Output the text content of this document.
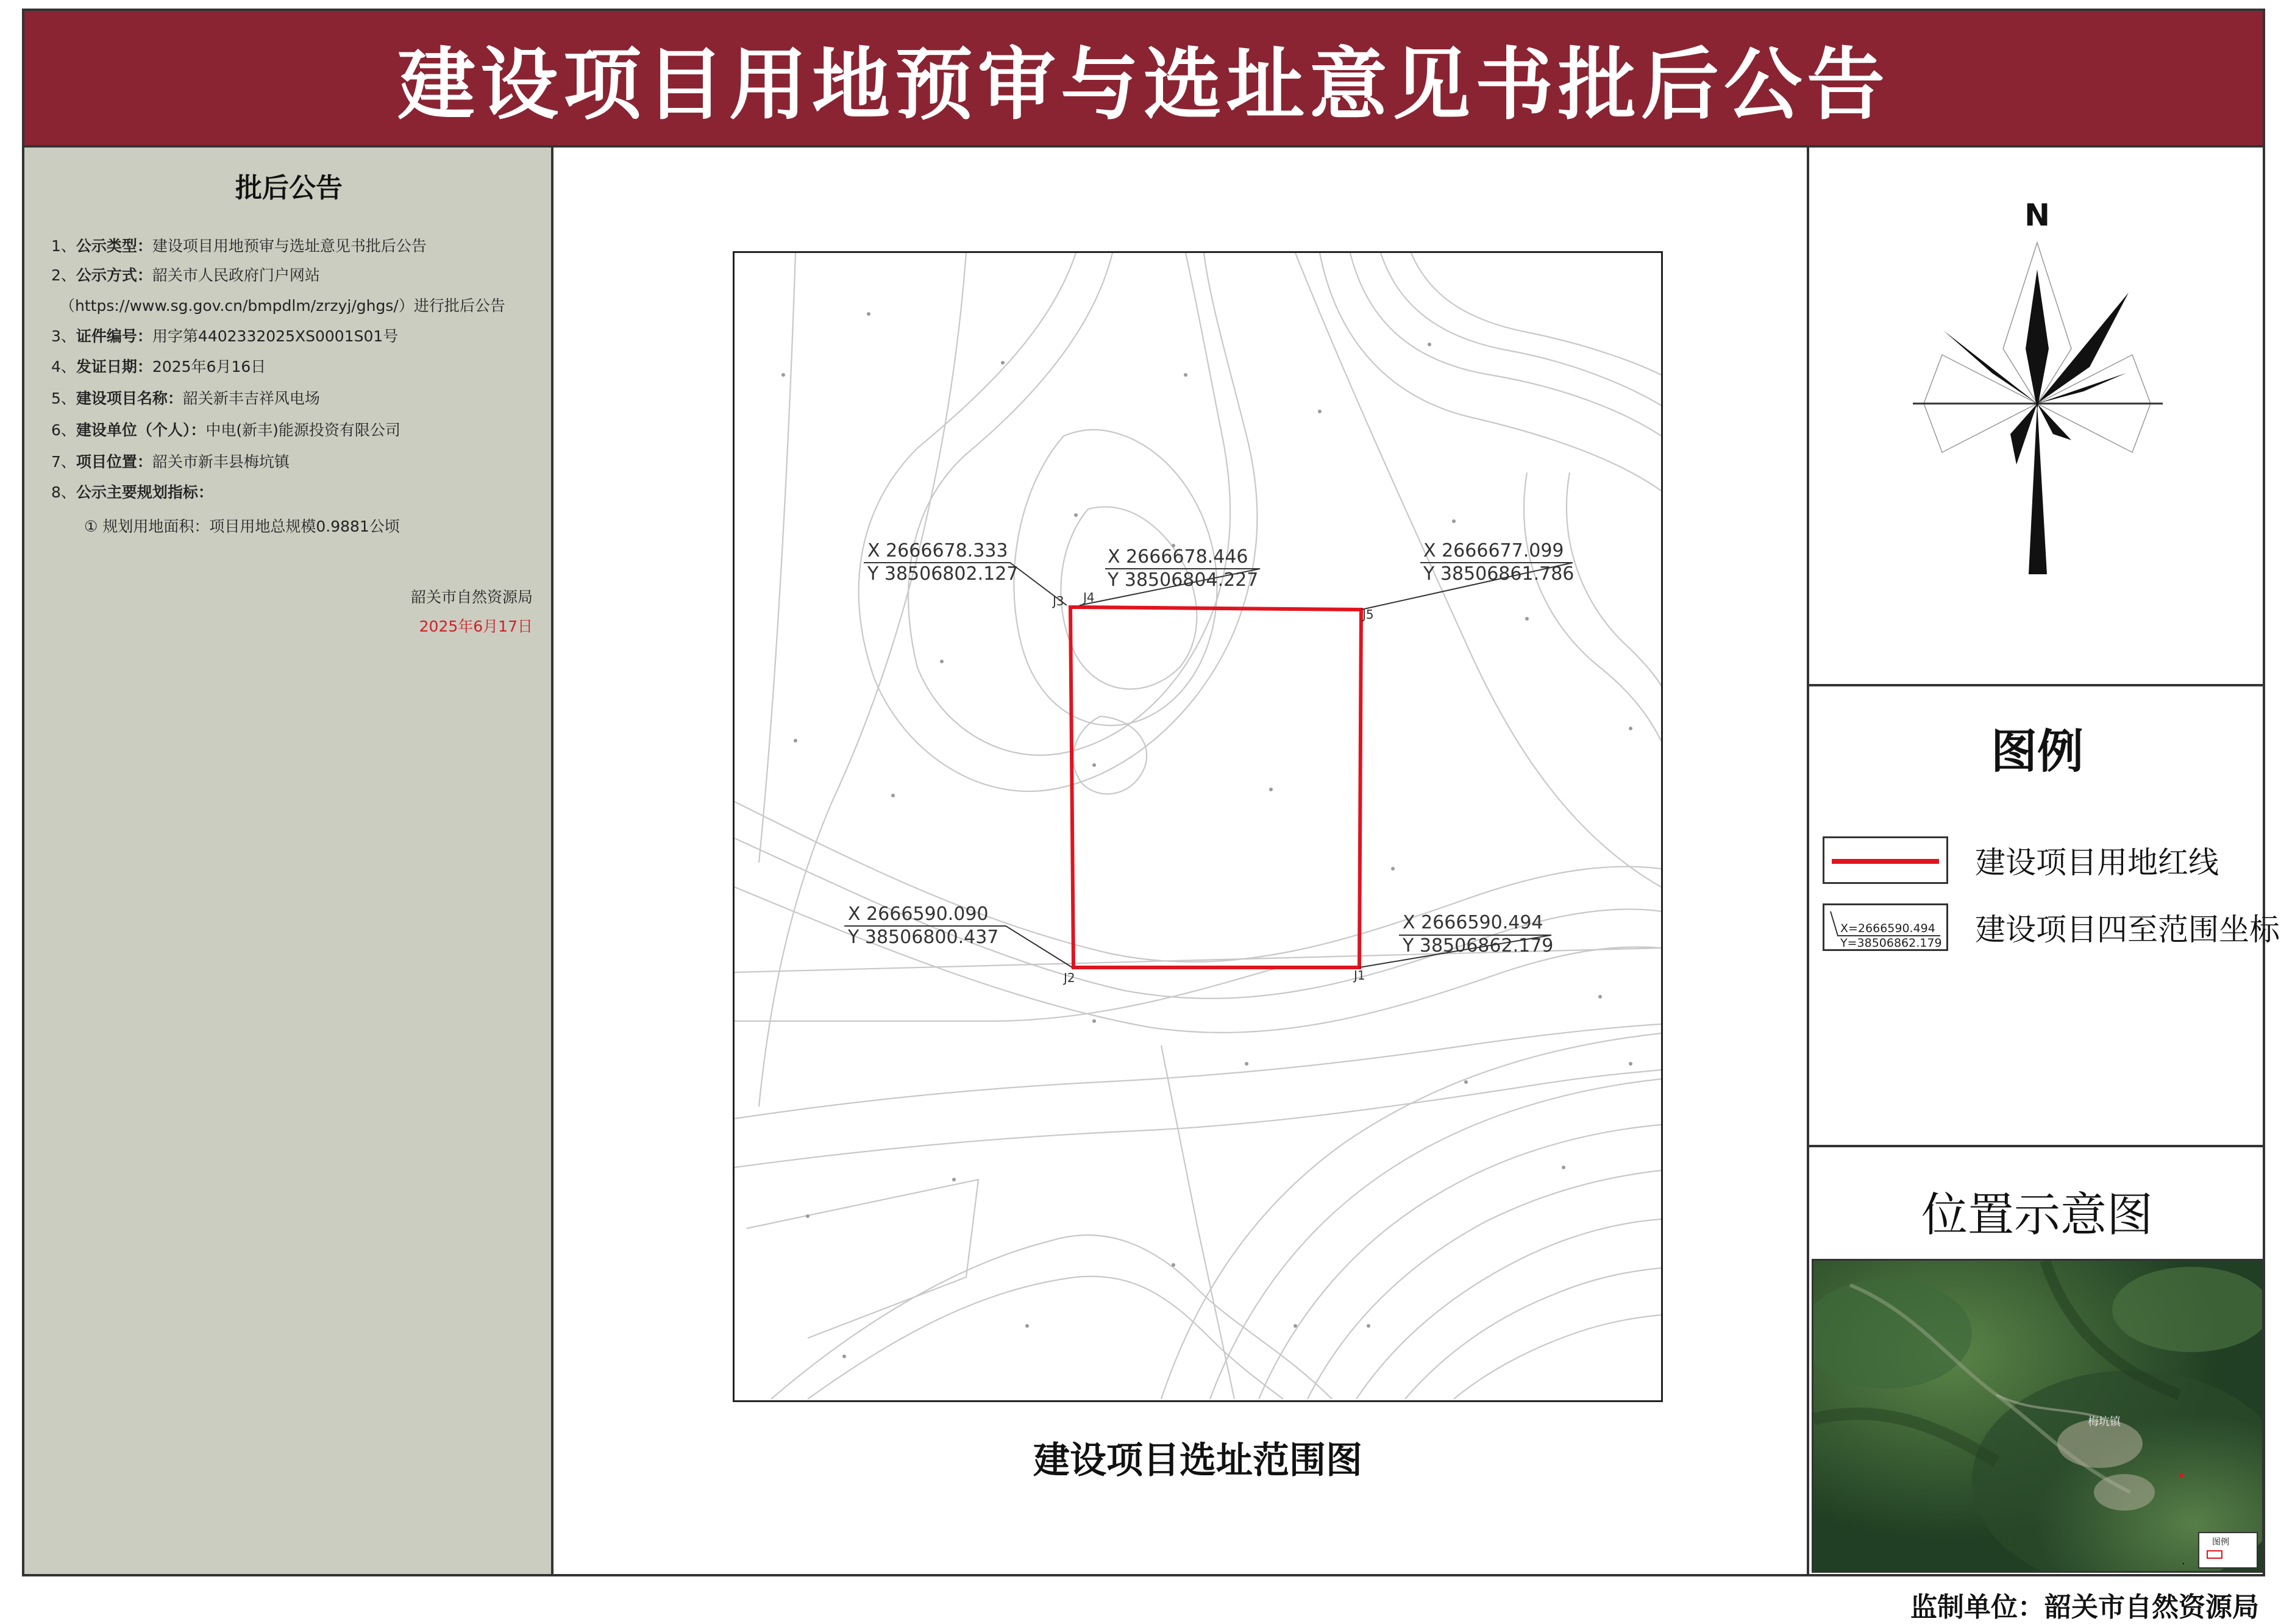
建设项目用地预审与选址意见书批后公告
批后公告
1、公示类型：建设项目用地预审与选址意见书批后公告
2、公示方式：韶关市人民政府门户网站
（https://www.sg.gov.cn/bmpdlm/zrzyj/ghgs/）进行批后公告
3、证件编号：用字第4402332025XS0001S01号
4、发证日期：2025年6月16日
5、建设项目名称：韶关新丰吉祥风电场
6、建设单位（个人）：中电(新丰)能源投资有限公司
7、项目位置：韶关市新丰县梅坑镇
8、公示主要规划指标：
① 规划用地面积：项目用地总规模0.9881公顷
韶关市自然资源局
2025年6月17日
X 2666678.333
Y 38506802.127
X 2666678.446
Y 38506804.227
X 2666677.099
Y 38506861.786
X 2666590.090
Y 38506800.437
X 2666590.494
Y 38506862.179
J3 J4
J5
J2	J1
建设项目选址范围图
N
图例
建设项目用地红线
X=2666590.494
Y=38506862.179 建设项目四至范围坐标
位置示意图
图例
梅坑镇
监制单位：韶关市自然资源局
